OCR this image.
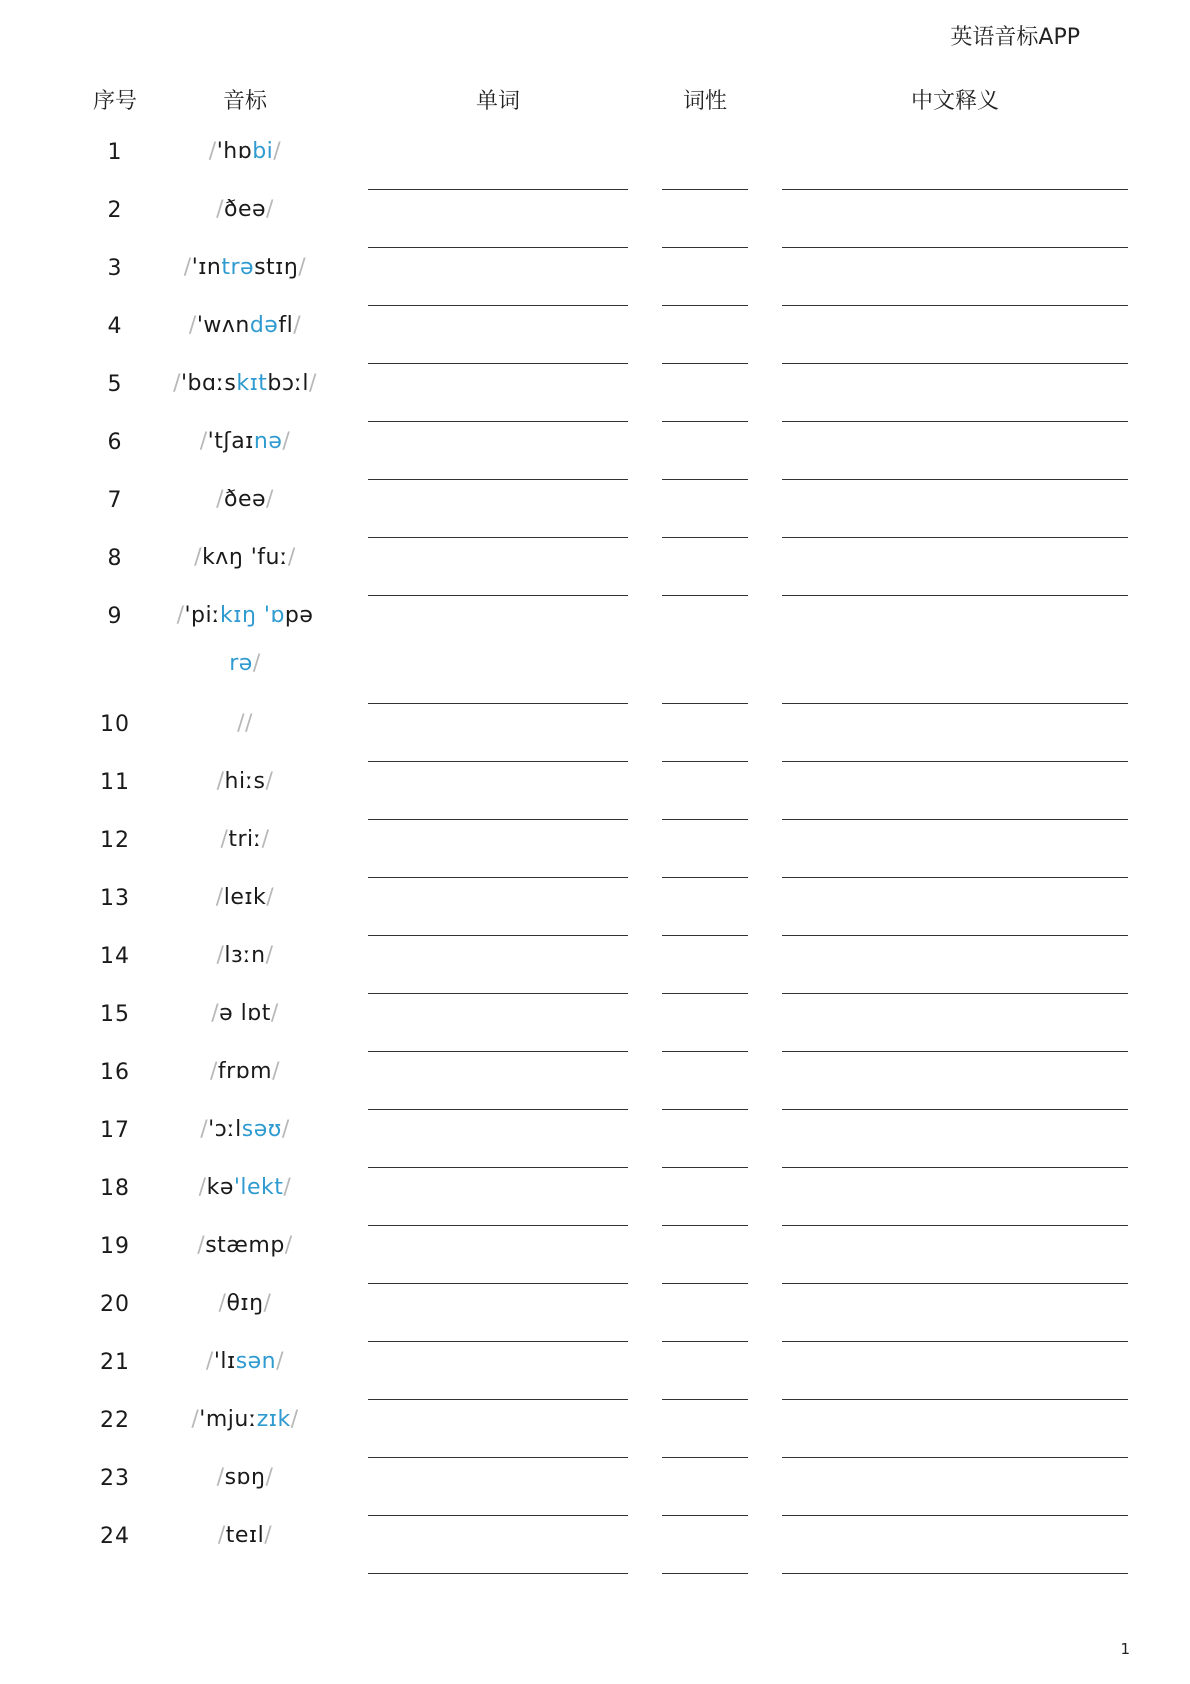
英语音标APP
序号	音标	单词	词性	中文释义
1	/'hɒbi/
2	/ðeə/
3	/'ɪntrəstɪŋ/
4	/'wʌndəfl/
5	/'bɑːskɪtbɔːl/
6	/'tʃaɪnə/
7	/ðeə/
8	/kʌŋ 'fuː/
9	/'piːkɪŋ 'ɒpə rə/
10	//
11	/hiːs/
12	/triː/
13	/leɪk/
14	/lɜːn/
15	/ə lɒt/
16	/frɒm/
17	/'ɔːlsəʊ/
18	/kə'lekt/
19	/stæmp/
20	/θɪŋ/
21	/'lɪsən/
22	/'mjuːzɪk/
23	/sɒŋ/
24	/teɪl/
1
